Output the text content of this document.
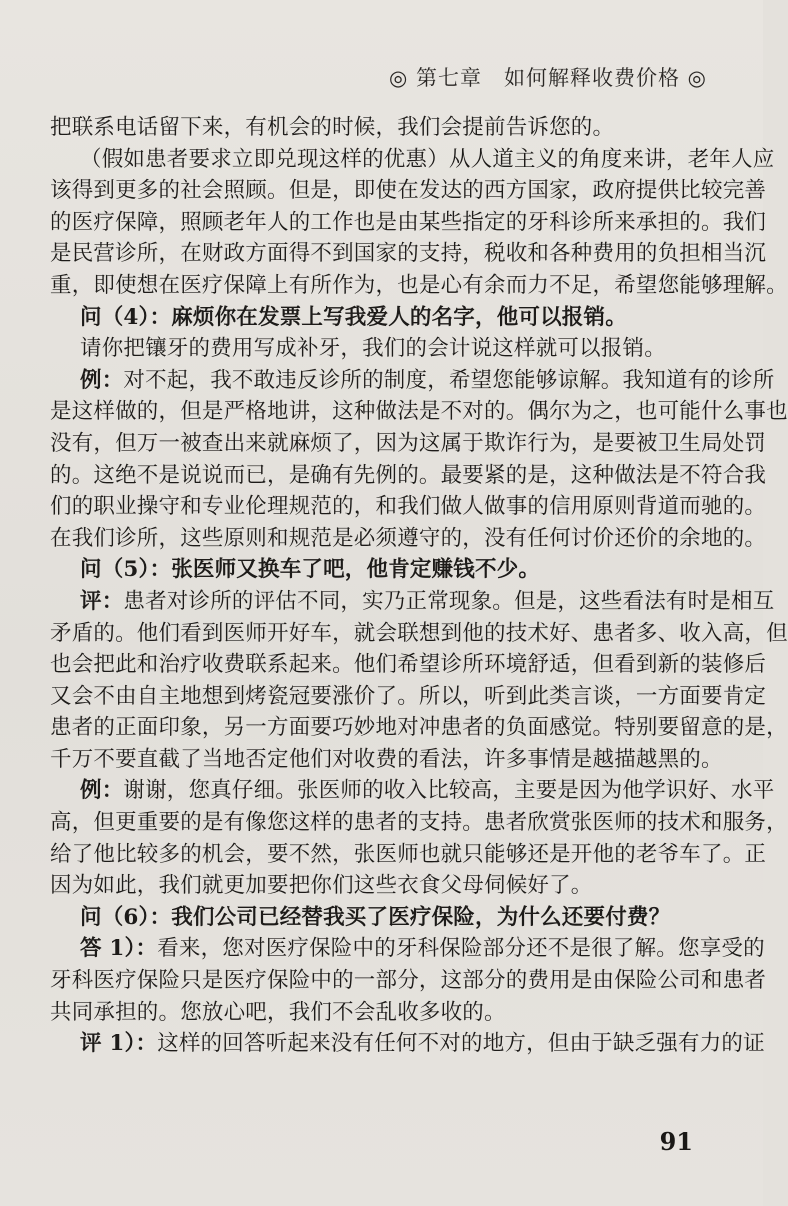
◎ 第七章　如何解释收费价格 ◎
把联系电话留下来，有机会的时候，我们会提前告诉您的。
（假如患者要求立即兑现这样的优惠）从人道主义的角度来讲，老年人应
该得到更多的社会照顾。但是，即使在发达的西方国家，政府提供比较完善
的医疗保障，照顾老年人的工作也是由某些指定的牙科诊所来承担的。我们
是民营诊所，在财政方面得不到国家的支持，税收和各种费用的负担相当沉
重，即使想在医疗保障上有所作为，也是心有余而力不足，希望您能够理解。
问（4）：麻烦你在发票上写我爱人的名字，他可以报销。
请你把镶牙的费用写成补牙，我们的会计说这样就可以报销。
例：对不起，我不敢违反诊所的制度，希望您能够谅解。我知道有的诊所
是这样做的，但是严格地讲，这种做法是不对的。偶尔为之，也可能什么事也
没有，但万一被查出来就麻烦了，因为这属于欺诈行为，是要被卫生局处罚
的。这绝不是说说而已，是确有先例的。最要紧的是，这种做法是不符合我
们的职业操守和专业伦理规范的，和我们做人做事的信用原则背道而驰的。
在我们诊所，这些原则和规范是必须遵守的，没有任何讨价还价的余地的。
问（5）：张医师又换车了吧，他肯定赚钱不少。
评：患者对诊所的评估不同，实乃正常现象。但是，这些看法有时是相互
矛盾的。他们看到医师开好车，就会联想到他的技术好、患者多、收入高，但
也会把此和治疗收费联系起来。他们希望诊所环境舒适，但看到新的装修后
又会不由自主地想到烤瓷冠要涨价了。所以，听到此类言谈，一方面要肯定
患者的正面印象，另一方面要巧妙地对冲患者的负面感觉。特别要留意的是，
千万不要直截了当地否定他们对收费的看法，许多事情是越描越黑的。
例：谢谢，您真仔细。张医师的收入比较高，主要是因为他学识好、水平
高，但更重要的是有像您这样的患者的支持。患者欣赏张医师的技术和服务，
给了他比较多的机会，要不然，张医师也就只能够还是开他的老爷车了。正
因为如此，我们就更加要把你们这些衣食父母伺候好了。
问（6）：我们公司已经替我买了医疗保险，为什么还要付费？
答 1）：看来，您对医疗保险中的牙科保险部分还不是很了解。您享受的
牙科医疗保险只是医疗保险中的一部分，这部分的费用是由保险公司和患者
共同承担的。您放心吧，我们不会乱收多收的。
评 1）：这样的回答听起来没有任何不对的地方，但由于缺乏强有力的证
91
